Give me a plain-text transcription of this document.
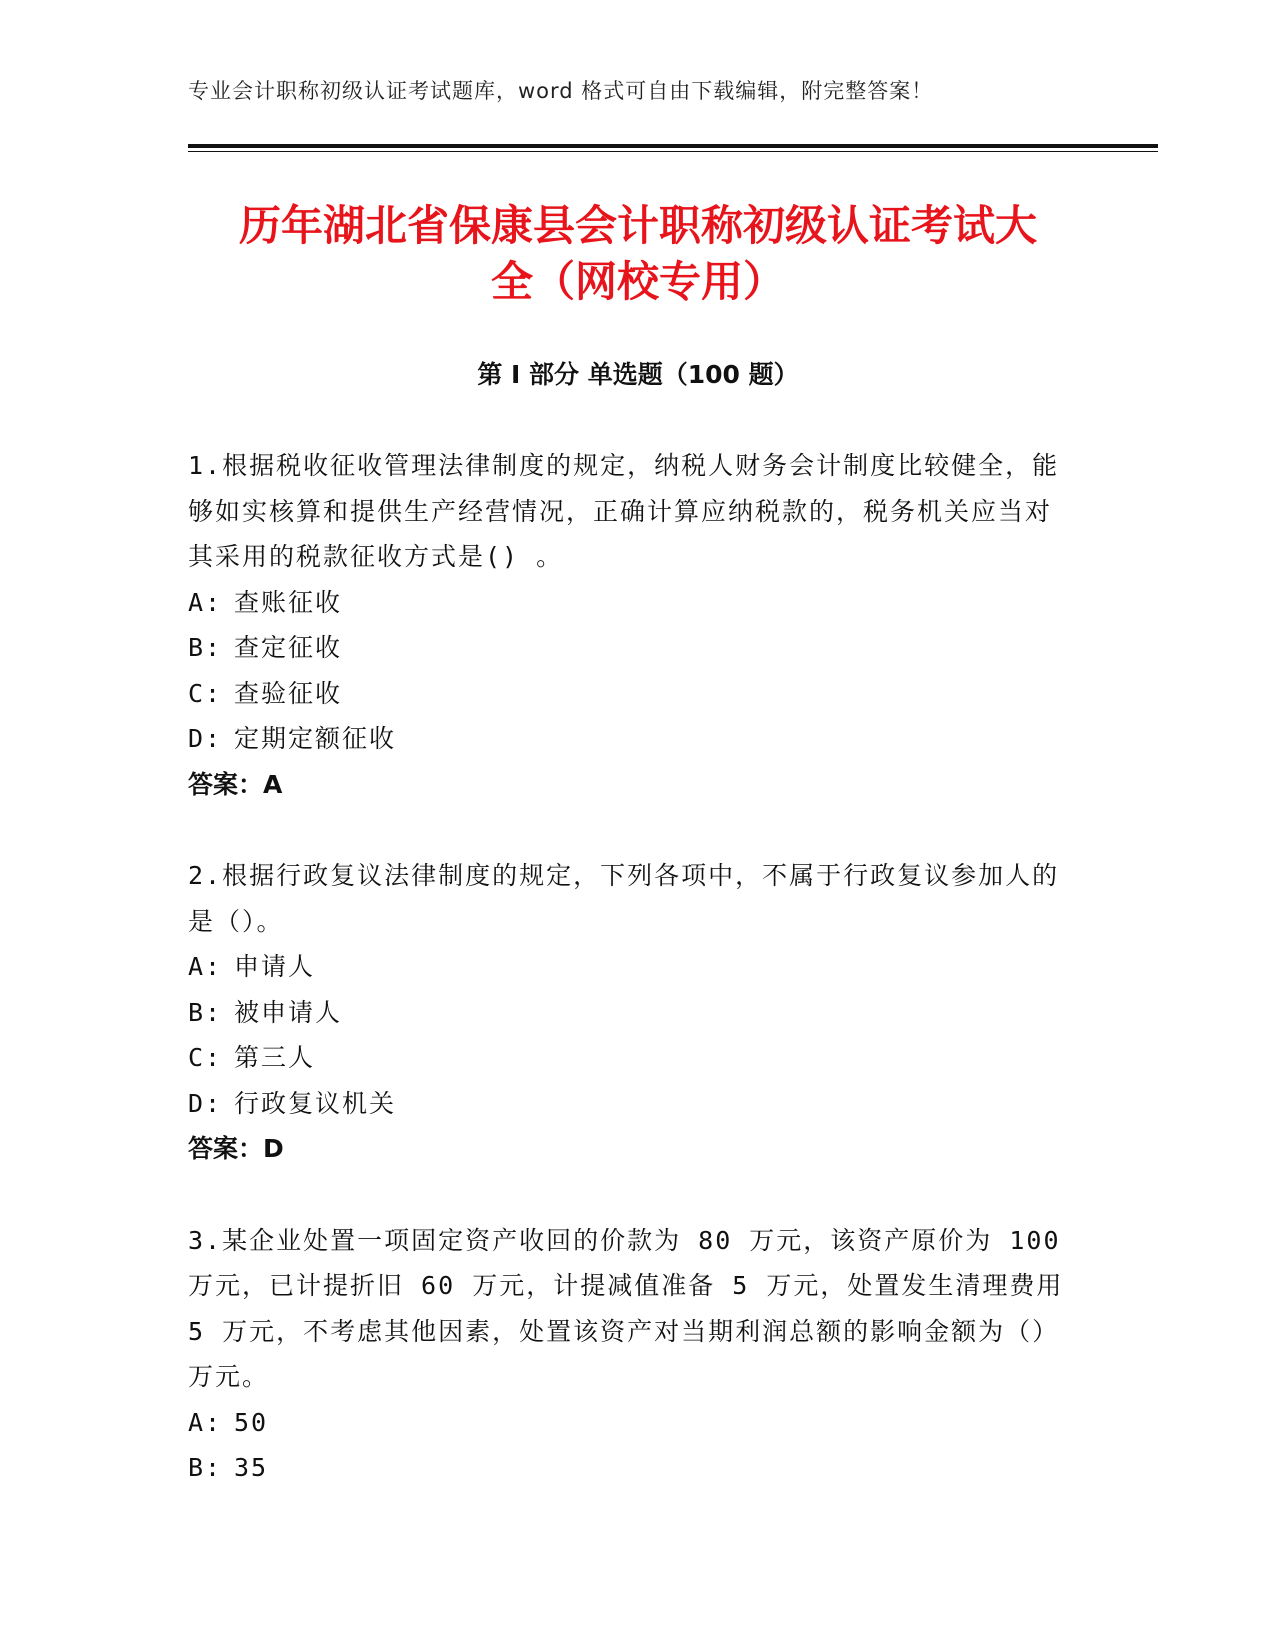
专业会计职称初级认证考试题库，word 格式可自由下载编辑，附完整答案！
历年湖北省保康县会计职称初级认证考试大
全（网校专用）
第 I 部分 单选题（100 题）
1.根据税收征收管理法律制度的规定，纳税人财务会计制度比较健全，能够如实核算和提供生产经营情况，正确计算应纳税款的，税务机关应当对其采用的税款征收方式是() 。
A: 查账征收
B: 查定征收
C: 查验征收
D: 定期定额征收
答案：A
2.根据行政复议法律制度的规定，下列各项中，不属于行政复议参加人的是（）。
A: 申请人
B: 被申请人
C: 第三人
D: 行政复议机关
答案：D
3.某企业处置一项固定资产收回的价款为 80 万元，该资产原价为 100 万元，已计提折旧 60 万元，计提减值准备 5 万元，处置发生清理费用 5 万元，不考虑其他因素，处置该资产对当期利润总额的影响金额为（）万元。
A: 50
B: 35
